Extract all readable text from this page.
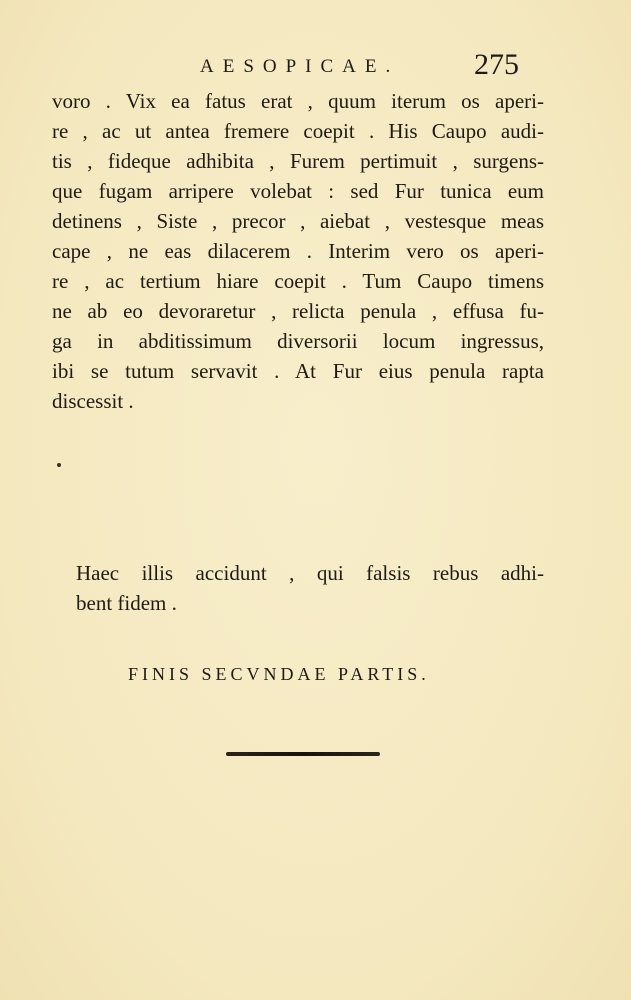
AESOPICAE. 275
voro . Vix ea fatus erat , quum iterum os aperi-
re , ac ut antea fremere coepit . His Caupo audi-
tis , fideque adhibita , Furem pertimuit , surgens-
que fugam arripere volebat : sed Fur tunica eum
detinens , Siste , precor , aiebat , vestesque meas
cape , ne eas dilacerem . Interim vero os aperi-
re , ac tertium hiare coepit . Tum Caupo timens
ne ab eo devoraretur , relicta penula , effusa fu-
ga in abditissimum diversorii locum ingressus,
ibi se tutum servavit . At Fur eius penula rapta
discessit .
Haec illis accidunt , qui falsis rebus adhi-
bent fidem .
FINIS SECVNDAE PARTIS.
